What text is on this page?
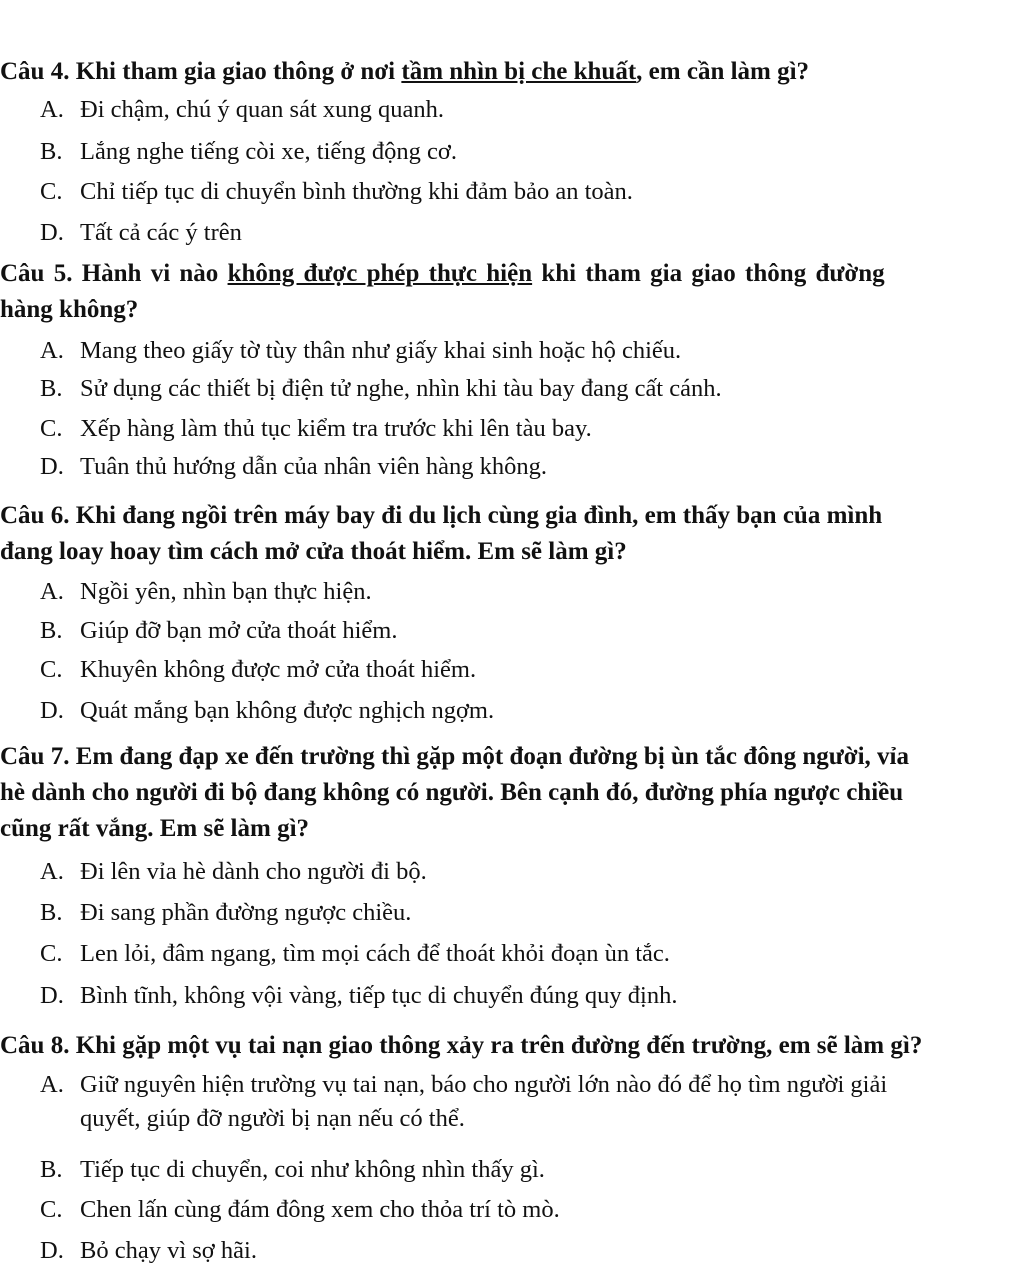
Câu 4. Khi tham gia giao thông ở nơi tầm nhìn bị che khuất, em cần làm gì?
A. Đi chậm, chú ý quan sát xung quanh.
B. Lắng nghe tiếng còi xe, tiếng động cơ.
C. Chỉ tiếp tục di chuyển bình thường khi đảm bảo an toàn.
D. Tất cả các ý trên
Câu 5. Hành vi nào không được phép thực hiện khi tham gia giao thông đường
hàng không?
A. Mang theo giấy tờ tùy thân như giấy khai sinh hoặc hộ chiếu.
B. Sử dụng các thiết bị điện tử nghe, nhìn khi tàu bay đang cất cánh.
C. Xếp hàng làm thủ tục kiểm tra trước khi lên tàu bay.
D. Tuân thủ hướng dẫn của nhân viên hàng không.
Câu 6. Khi đang ngồi trên máy bay đi du lịch cùng gia đình, em thấy bạn của mình
đang loay hoay tìm cách mở cửa thoát hiểm. Em sẽ làm gì?
A. Ngồi yên, nhìn bạn thực hiện.
B. Giúp đỡ bạn mở cửa thoát hiểm.
C. Khuyên không được mở cửa thoát hiểm.
D. Quát mắng bạn không được nghịch ngợm.
Câu 7. Em đang đạp xe đến trường thì gặp một đoạn đường bị ùn tắc đông người, vỉa
hè dành cho người đi bộ đang không có người. Bên cạnh đó, đường phía ngược chiều
cũng rất vắng. Em sẽ làm gì?
A. Đi lên vỉa hè dành cho người đi bộ.
B. Đi sang phần đường ngược chiều.
C. Len lỏi, đâm ngang, tìm mọi cách để thoát khỏi đoạn ùn tắc.
D. Bình tĩnh, không vội vàng, tiếp tục di chuyển đúng quy định.
Câu 8. Khi gặp một vụ tai nạn giao thông xảy ra trên đường đến trường, em sẽ làm gì?
A. Giữ nguyên hiện trường vụ tai nạn, báo cho người lớn nào đó để họ tìm người giải
quyết, giúp đỡ người bị nạn nếu có thể.
B. Tiếp tục di chuyển, coi như không nhìn thấy gì.
C. Chen lấn cùng đám đông xem cho thỏa trí tò mò.
D. Bỏ chạy vì sợ hãi.
